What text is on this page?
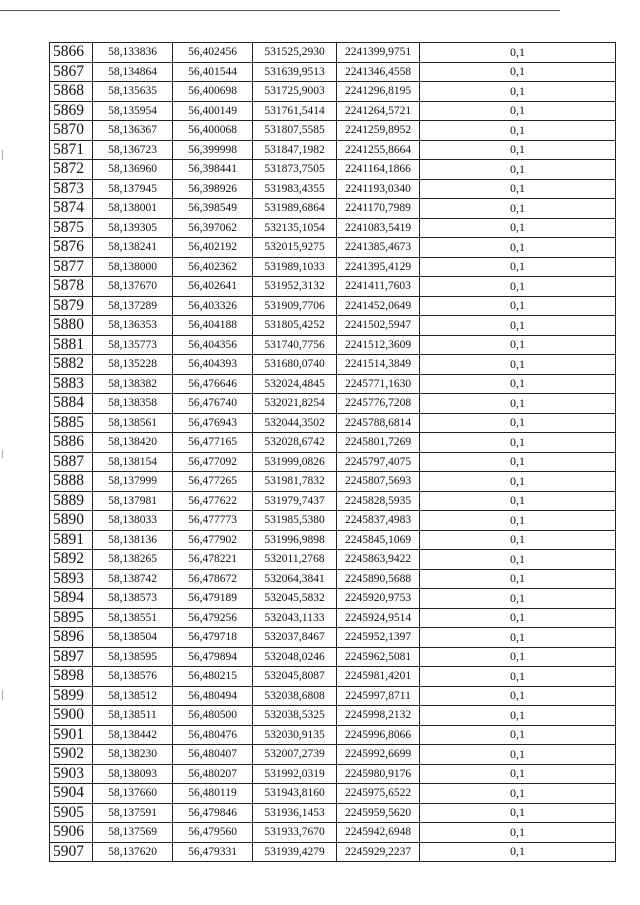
5866	58,133836	56,402456	531525,2930	2241399,9751	0,1
5867	58,134864	56,401544	531639,9513	2241346,4558	0,1
5868	58,135635	56,400698	531725,9003	2241296,8195	0,1
5869	58,135954	56,400149	531761,5414	2241264,5721	0,1
5870	58,136367	56,400068	531807,5585	2241259,8952	0,1
5871	58,136723	56,399998	531847,1982	2241255,8664	0,1
5872	58,136960	56,398441	531873,7505	2241164,1866	0,1
5873	58,137945	56,398926	531983,4355	2241193,0340	0,1
5874	58,138001	56,398549	531989,6864	2241170,7989	0,1
5875	58,139305	56,397062	532135,1054	2241083,5419	0,1
5876	58,138241	56,402192	532015,9275	2241385,4673	0,1
5877	58,138000	56,402362	531989,1033	2241395,4129	0,1
5878	58,137670	56,402641	531952,3132	2241411,7603	0,1
5879	58,137289	56,403326	531909,7706	2241452,0649	0,1
5880	58,136353	56,404188	531805,4252	2241502,5947	0,1
5881	58,135773	56,404356	531740,7756	2241512,3609	0,1
5882	58,135228	56,404393	531680,0740	2241514,3849	0,1
5883	58,138382	56,476646	532024,4845	2245771,1630	0,1
5884	58,138358	56,476740	532021,8254	2245776,7208	0,1
5885	58,138561	56,476943	532044,3502	2245788,6814	0,1
5886	58,138420	56,477165	532028,6742	2245801,7269	0,1
5887	58,138154	56,477092	531999,0826	2245797,4075	0,1
5888	58,137999	56,477265	531981,7832	2245807,5693	0,1
5889	58,137981	56,477622	531979,7437	2245828,5935	0,1
5890	58,138033	56,477773	531985,5380	2245837,4983	0,1
5891	58,138136	56,477902	531996,9898	2245845,1069	0,1
5892	58,138265	56,478221	532011,2768	2245863,9422	0,1
5893	58,138742	56,478672	532064,3841	2245890,5688	0,1
5894	58,138573	56,479189	532045,5832	2245920,9753	0,1
5895	58,138551	56,479256	532043,1133	2245924,9514	0,1
5896	58,138504	56,479718	532037,8467	2245952,1397	0,1
5897	58,138595	56,479894	532048,0246	2245962,5081	0,1
5898	58,138576	56,480215	532045,8087	2245981,4201	0,1
5899	58,138512	56,480494	532038,6808	2245997,8711	0,1
5900	58,138511	56,480500	532038,5325	2245998,2132	0,1
5901	58,138442	56,480476	532030,9135	2245996,8066	0,1
5902	58,138230	56,480407	532007,2739	2245992,6699	0,1
5903	58,138093	56,480207	531992,0319	2245980,9176	0,1
5904	58,137660	56,480119	531943,8160	2245975,6522	0,1
5905	58,137591	56,479846	531936,1453	2245959,5620	0,1
5906	58,137569	56,479560	531933,7670	2245942,6948	0,1
5907	58,137620	56,479331	531939,4279	2245929,2237	0,1
